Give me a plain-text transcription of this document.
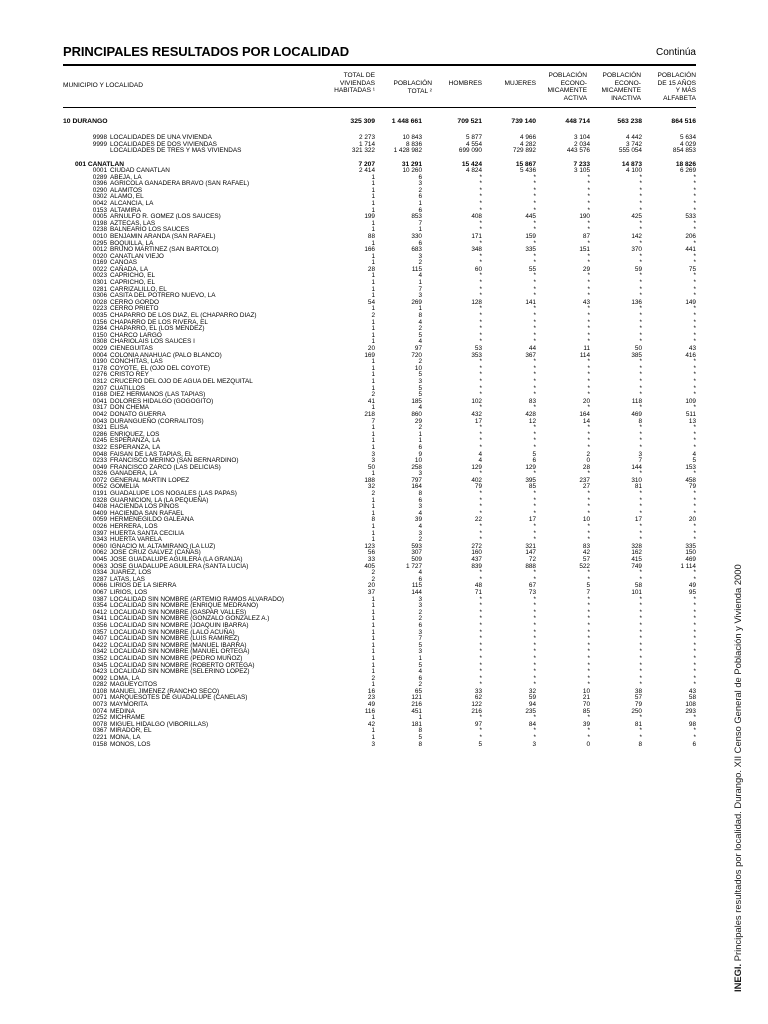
PRINCIPALES RESULTADOS POR LOCALIDAD	Continúa
MUNICIPIO Y LOCALIDAD
TOTAL DE
VIVIENDAS
HABITADAS ¹
POBLACIÓN
TOTAL ²
HOMBRES	MUJERES
POBLACIÓN
ECONO-
MICAMENTE
ACTIVA
POBLACIÓN
ECONO-
MICAMENTE
INACTIVA
POBLACIÓN
DE 15 AÑOS
Y MÁS
ALFABETA
10 DURANGO	325 309	1 448 661	709 521	739 140	448 714	563 238	864 516
9998 LOCALIDADES DE UNA VIVIENDA	2 273	10 843	5 877	4 966	3 104	4 442	5 634
9999 LOCALIDADES DE DOS VIVIENDAS	1 714	8 836	4 554	4 282	2 034	3 742	4 029
LOCALIDADES DE TRES Y MAS VIVIENDAS	321 322	1 428 982	699 090	729 892	443 576	555 054	854 853
001 CANATLAN	7 207	31 291	15 424	15 867	7 233	14 873	18 826
0001 CIUDAD CANATLAN	2 414	10 260	4 824	5 436	3 105	4 100	6 269
0289 ABEJA, LA	1	6	*	*	*	*	*
0396 AGRICOLA GANADERA BRAVO (SAN RAFAEL)	1	3	*	*	*	*	*
0290 ALAMITOS	1	2	*	*	*	*	*
0302 ALAMO, EL	1	6	*	*	*	*	*
0042 ALCANCIA, LA	1	1	*	*	*	*	*
0153 ALTAMIRA	1	6	*	*	*	*	*
0005 ARNULFO R. GOMEZ (LOS SAUCES)	199	853	408	445	190	425	533
0198 AZTECAS, LAS	1	7	*	*	*	*	*
0238 BALNEARIO LOS SAUCES	1	1	*	*	*	*	*
0010 BENJAMIN ARANDA (SAN RAFAEL)	88	330	171	159	87	142	206
0295 BOQUILLA, LA	1	6	*	*	*	*	*
0012 BRUNO MARTINEZ (SAN BARTOLO)	166	683	348	335	151	370	441
0020 CANATLAN VIEJO	1	3	*	*	*	*	*
0169 CANOAS	1	2	*	*	*	*	*
0022 CAÑADA, LA	28	115	60	55	29	59	75
0023 CAPRICHO, EL	1	4	*	*	*	*	*
0301 CAPRICHO, EL	1	1	*	*	*	*	*
0281 CARRIZALILLO, EL	1	7	*	*	*	*	*
0306 CASITA DEL POTRERO NUEVO, LA	1	3	*	*	*	*	*
0028 CERRO GORDO	54	269	128	141	43	136	149
0223 CERRO PRIETO	1	1	*	*	*	*	*
0035 CHAPARRO DE LOS DIAZ, EL (CHAPARRO DIAZ)	2	8	*	*	*	*	*
0156 CHAPARRO DE LOS RIVERA, EL	1	4	*	*	*	*	*
0284 CHAPARRO, EL (LOS MENDEZ)	1	2	*	*	*	*	*
0150 CHARCO LARGO	1	5	*	*	*	*	*
0308 CHARIOLAIS LOS SAUCES I	1	4	*	*	*	*	*
0029 CIENEGUITAS	20	97	53	44	11	50	43
0004 COLONIA ANAHUAC (PALO BLANCO)	169	720	353	367	114	385	416
0190 CONCHITAS, LAS	1	2	*	*	*	*	*
0178 COYOTE, EL (OJO DEL COYOTE)	1	10	*	*	*	*	*
0276 CRISTO REY	1	5	*	*	*	*	*
0312 CRUCERO DEL OJO DE AGUA DEL MEZQUITAL	1	3	*	*	*	*	*
0207 CUATILLOS	1	5	*	*	*	*	*
0168 DIEZ HERMANOS (LAS TAPIAS)	2	5	*	*	*	*	*
0041 DOLORES HIDALGO (GOGOGITO)	41	185	102	83	20	118	109
0317 DON CHEMA	1	4	*	*	*	*	*
0042 DONATO GUERRA	218	860	432	428	164	469	511
0043 DURANGUEÑO (CORRALITOS)	7	29	17	12	14	8	13
0321 ELISA	1	2	*	*	*	*	*
0286 ENRIQUEZ, LOS	1	1	*	*	*	*	*
0245 ESPERANZA, LA	1	1	*	*	*	*	*
0322 ESPERANZA, LA	1	6	*	*	*	*	*
0048 FAISAN DE LAS TAPIAS, EL	3	9	4	5	2	3	4
0233 FRANCISCO MERINO (SAN BERNARDINO)	3	10	4	6	0	7	5
0049 FRANCISCO ZARCO (LAS DELICIAS)	50	258	129	129	28	144	153
0326 GANADERA, LA	1	3	*	*	*	*	*
0072 GENERAL MARTIN LOPEZ	188	797	402	395	237	310	458
0052 GOMELIA	32	164	79	85	27	81	79
0191 GUADALUPE LOS NOGALES (LAS PAPAS)	2	8	*	*	*	*	*
0328 GUARNICION, LA (LA PEQUEÑA)	1	6	*	*	*	*	*
0408 HACIENDA LOS PINOS	1	3	*	*	*	*	*
0409 HACIENDA SAN RAFAEL	1	4	*	*	*	*	*
0059 HERMENEGILDO GALEANA	8	39	22	17	10	17	20
0026 HERRERA, LOS	1	4	*	*	*	*	*
0397 HUERTA SANTA CECILIA	1	3	*	*	*	*	*
0343 HUERTA VARELA	1	2	*	*	*	*	*
0060 IGNACIO M. ALTAMIRANO (LA LUZ)	123	593	272	321	83	328	335
0062 JOSE CRUZ GALVEZ (CAÑAS)	56	307	160	147	42	162	150
0045 JOSE GUADALUPE AGUILERA (LA GRANJA)	33	509	437	72	57	415	469
0063 JOSE GUADALUPE AGUILERA (SANTA LUCIA)	405	1 727	839	888	522	749	1 114
0334 JUAREZ, LOS	2	4	*	*	*	*	*
0287 LATAS, LAS	2	6	*	*	*	*	*
0066 LIRIOS DE LA SIERRA	20	115	48	67	5	58	49
0067 LIRIOS, LOS	37	144	71	73	7	101	95
0387 LOCALIDAD SIN NOMBRE (ARTEMIO RAMOS ALVARADO)	1	3	*	*	*	*	*
0354 LOCALIDAD SIN NOMBRE (ENRIQUE MEDRANO)	1	3	*	*	*	*	*
0412 LOCALIDAD SIN NOMBRE (GASPAR VALLES)	1	2	*	*	*	*	*
0341 LOCALIDAD SIN NOMBRE (GONZALO GONZALEZ A.)	1	2	*	*	*	*	*
0356 LOCALIDAD SIN NOMBRE (JOAQUIN IBARRA)	1	6	*	*	*	*	*
0357 LOCALIDAD SIN NOMBRE (LALO ACUÑA)	1	3	*	*	*	*	*
0407 LOCALIDAD SIN NOMBRE (LUIS RAMIREZ)	1	7	*	*	*	*	*
0422 LOCALIDAD SIN NOMBRE (MANUEL IBARRA)	1	5	*	*	*	*	*
0342 LOCALIDAD SIN NOMBRE (MANUEL ORTEGA)	1	3	*	*	*	*	*
0352 LOCALIDAD SIN NOMBRE (PEDRO MUÑOZ)	1	1	*	*	*	*	*
0345 LOCALIDAD SIN NOMBRE (ROBERTO ORTEGA)	1	5	*	*	*	*	*
0423 LOCALIDAD SIN NOMBRE (SELERINO LOPEZ)	1	4	*	*	*	*	*
0092 LOMA, LA	2	6	*	*	*	*	*
0282 MAGUEYCITOS	1	2	*	*	*	*	*
0108 MANUEL JIMENEZ (RANCHO SECO)	16	65	33	32	10	38	43
0071 MARQUESOTES DE GUADALUPE (CANELAS)	23	121	62	59	21	57	58
0073 MAYMORITA	49	216	122	94	70	79	108
0074 MEDINA	116	451	216	235	85	250	293
0252 MICHRAME	1	1	*	*	*	*	*
0078 MIGUEL HIDALGO (VIBORILLAS)	42	181	97	84	39	81	98
0367 MIRADOR, EL	1	8	*	*	*	*	*
0221 MONA, LA	1	5	*	*	*	*	*
0158 MONOS, LOS	3	8	5	3	0	8	6
INEGI. Principales resultados por localidad. Durango. XII Censo General de Población y Vivienda 2000
